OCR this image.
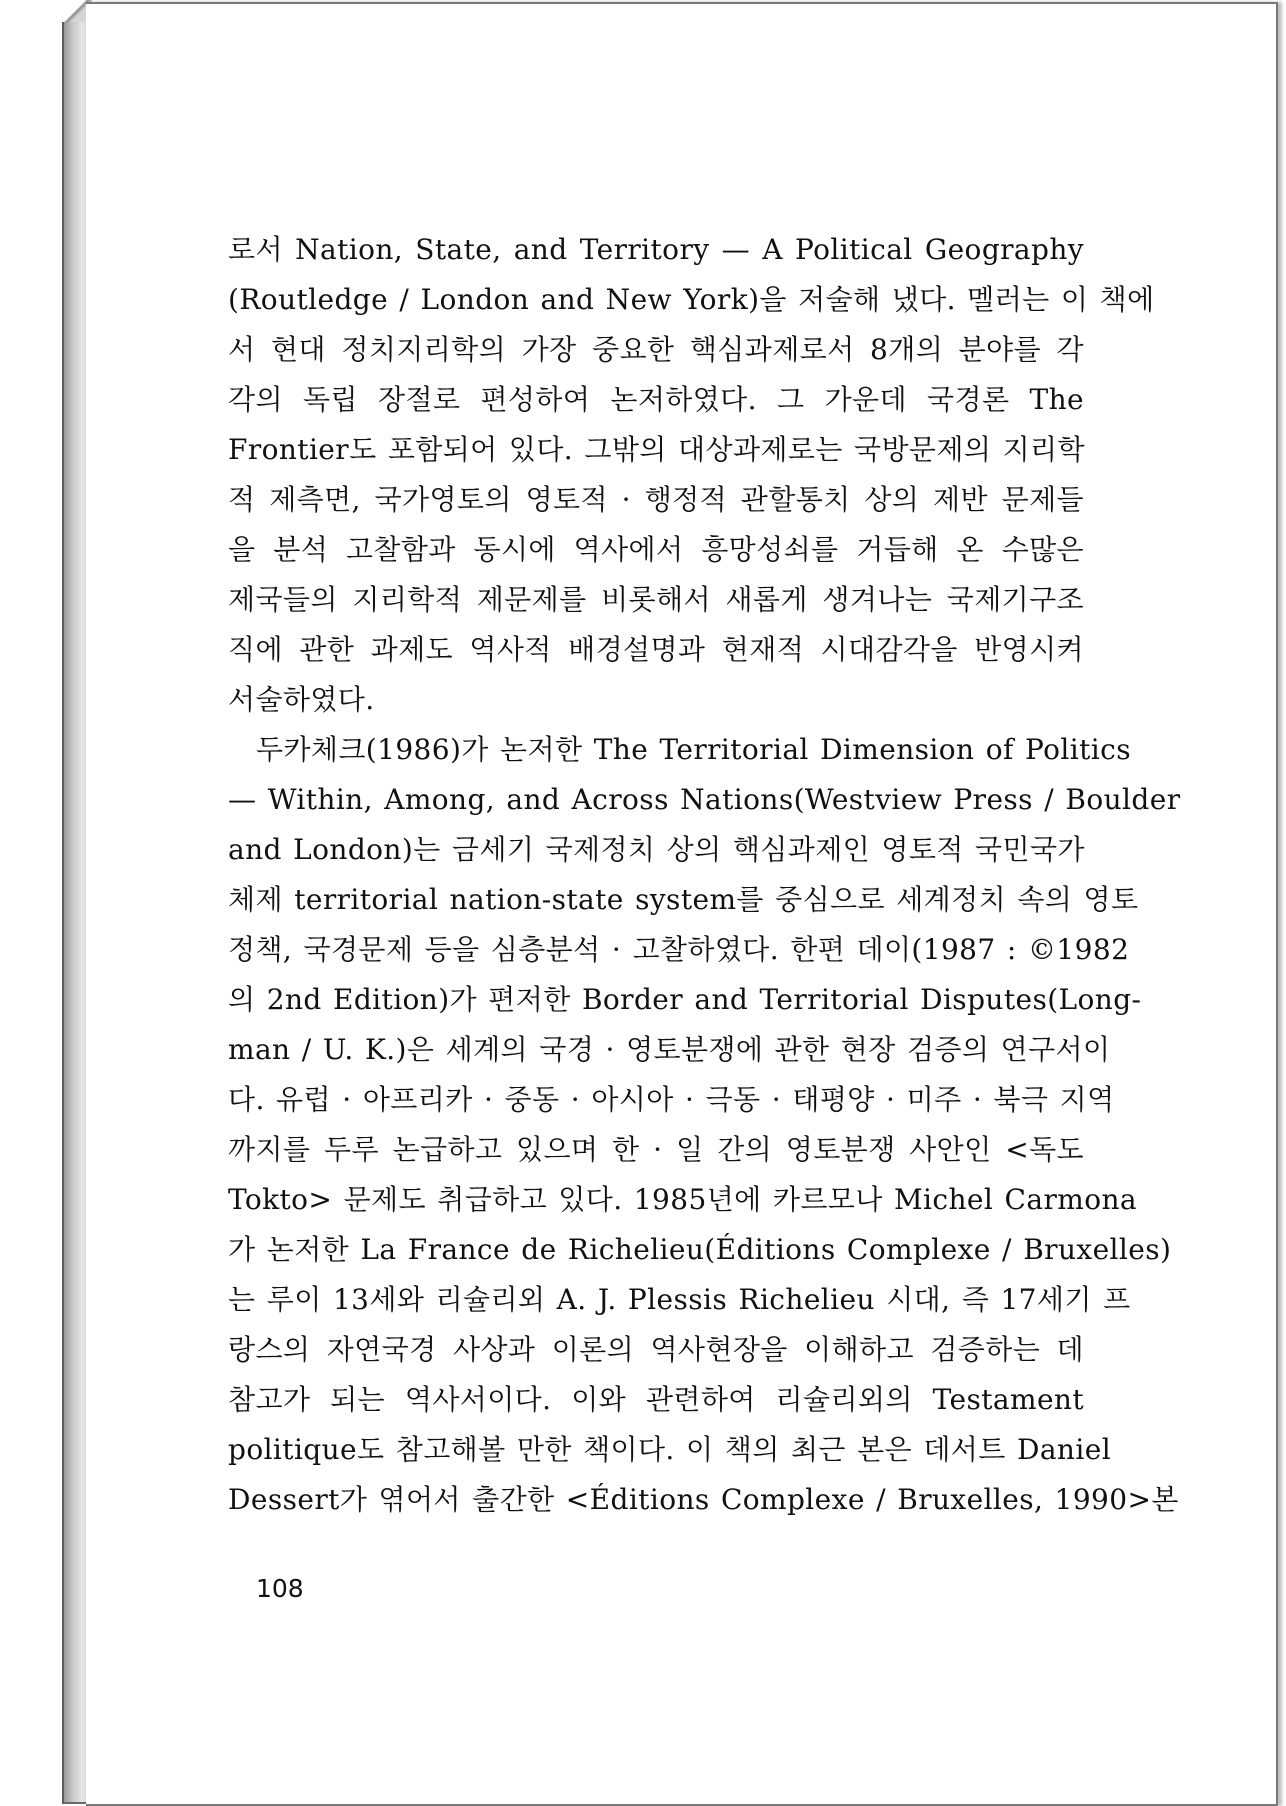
로서 Nation, State, and Territory — A Political Geography
(Routledge / London and New York)을 저술해 냈다. 멜러는 이 책에
서 현대 정치지리학의 가장 중요한 핵심과제로서 8개의 분야를 각
각의 독립 장절로 편성하여 논저하였다. 그 가운데 국경론 The
Frontier도 포함되어 있다. 그밖의 대상과제로는 국방문제의 지리학
적 제측면, 국가영토의 영토적 · 행정적 관할통치 상의 제반 문제들
을 분석 고찰함과 동시에 역사에서 흥망성쇠를 거듭해 온 수많은
제국들의 지리학적 제문제를 비롯해서 새롭게 생겨나는 국제기구조
직에 관한 과제도 역사적 배경설명과 현재적 시대감각을 반영시켜
서술하였다.
두카체크(1986)가 논저한 The Territorial Dimension of Politics
— Within, Among, and Across Nations(Westview Press / Boulder
and London)는 금세기 국제정치 상의 핵심과제인 영토적 국민국가
체제 territorial nation-state system를 중심으로 세계정치 속의 영토
정책, 국경문제 등을 심층분석 · 고찰하였다. 한편 데이(1987 : ©1982
의 2nd Edition)가 편저한 Border and Territorial Disputes(Long-
man / U. K.)은 세계의 국경 · 영토분쟁에 관한 현장 검증의 연구서이
다. 유럽 · 아프리카 · 중동 · 아시아 · 극동 · 태평양 · 미주 · 북극 지역
까지를 두루 논급하고 있으며 한 · 일 간의 영토분쟁 사안인 <독도
Tokto> 문제도 취급하고 있다. 1985년에 카르모나 Michel Carmona
가 논저한 La France de Richelieu(Éditions Complexe / Bruxelles)
는 루이 13세와 리슐리외 A. J. Plessis Richelieu 시대, 즉 17세기 프
랑스의 자연국경 사상과 이론의 역사현장을 이해하고 검증하는 데
참고가 되는 역사서이다. 이와 관련하여 리슐리외의 Testament
politique도 참고해볼 만한 책이다. 이 책의 최근 본은 데서트 Daniel
Dessert가 엮어서 출간한 <Éditions Complexe / Bruxelles, 1990>본
108
